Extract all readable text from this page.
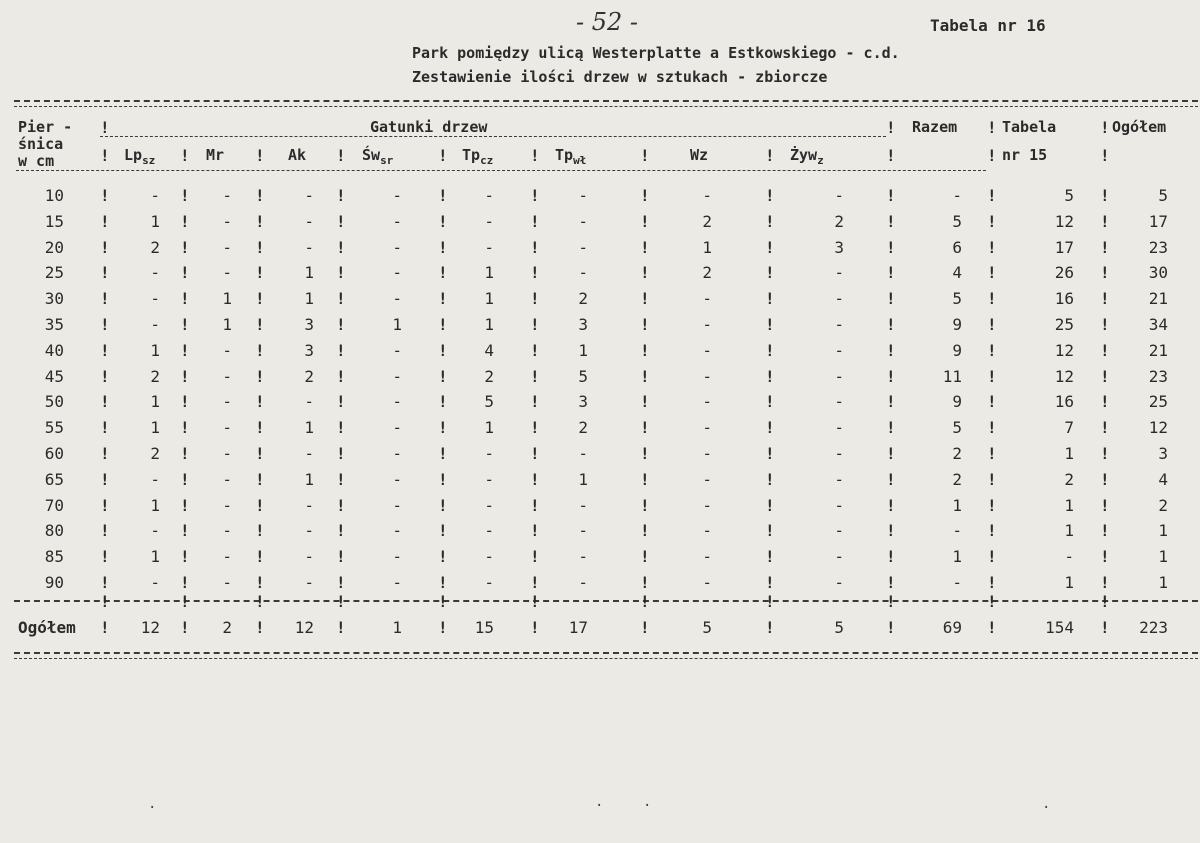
- 52 -	Tabela nr 16
Park pomiędzy ulicą Westerplatte a Estkowskiego - c.d.
Zestawienie ilości drzew w sztukach - zbiorcze
Pier -
śnica
w cm
Gatunki drzew	Razem	Tabela
nr 15
Ogółem
$Lp_{sz}$	Mr	Ak	$Św_{sr}$	$Tp_{cz}$	$Tp_{wł}$	Wz	Żyw$_z$
!	!	!	!
!	!	!	!	!	!	!	!	!	!	!
10	-	-	-	-	-	-	-	-	-	5	5
!	!	!	!	!	!	!	!	!	!	!
15	1	-	-	-	-	-	2	2	5	12	17
!	!	!	!	!	!	!	!	!	!	!
20	2	-	-	-	-	-	1	3	6	17	23
!	!	!	!	!	!	!	!	!	!	!
25	-	-	1	-	1	-	2	-	4	26	30
!	!	!	!	!	!	!	!	!	!	!
30	-	1	1	-	1	2	-	-	5	16	21
!	!	!	!	!	!	!	!	!	!	!
35	-	1	3	1	1	3	-	-	9	25	34
!	!	!	!	!	!	!	!	!	!	!
40	1	-	3	-	4	1	-	-	9	12	21
!	!	!	!	!	!	!	!	!	!	!
45	2	-	2	-	2	5	-	-	11	12	23
!	!	!	!	!	!	!	!	!	!	!
50	1	-	-	-	5	3	-	-	9	16	25
!	!	!	!	!	!	!	!	!	!	!
55	1	-	1	-	1	2	-	-	5	7	12
!	!	!	!	!	!	!	!	!	!	!
60	2	-	-	-	-	-	-	-	2	1	3
!	!	!	!	!	!	!	!	!	!	!
65	-	-	1	-	-	1	-	-	2	2	4
!	!	!	!	!	!	!	!	!	!	!
70	1	-	-	-	-	-	-	-	1	1	2
!	!	!	!	!	!	!	!	!	!	!
80	-	-	-	-	-	-	-	-	-	1	1
!	!	!	!	!	!	!	!	!	!	!
85	1	-	-	-	-	-	-	-	1	-	1
!	!	!	!	!	!	!	!	!	!	!
90	-	-	-	-	-	-	-	-	-	1	1
!	!	!	!	!	!	!	!	!	!	!
Ogółem	12	2	12	1	15	17	5	5	69	154	223
!	!	!	!	!	!	!	!	!	!	!
!	!	!	!	!	!	!	!	!	!	!
·	·	·	·
